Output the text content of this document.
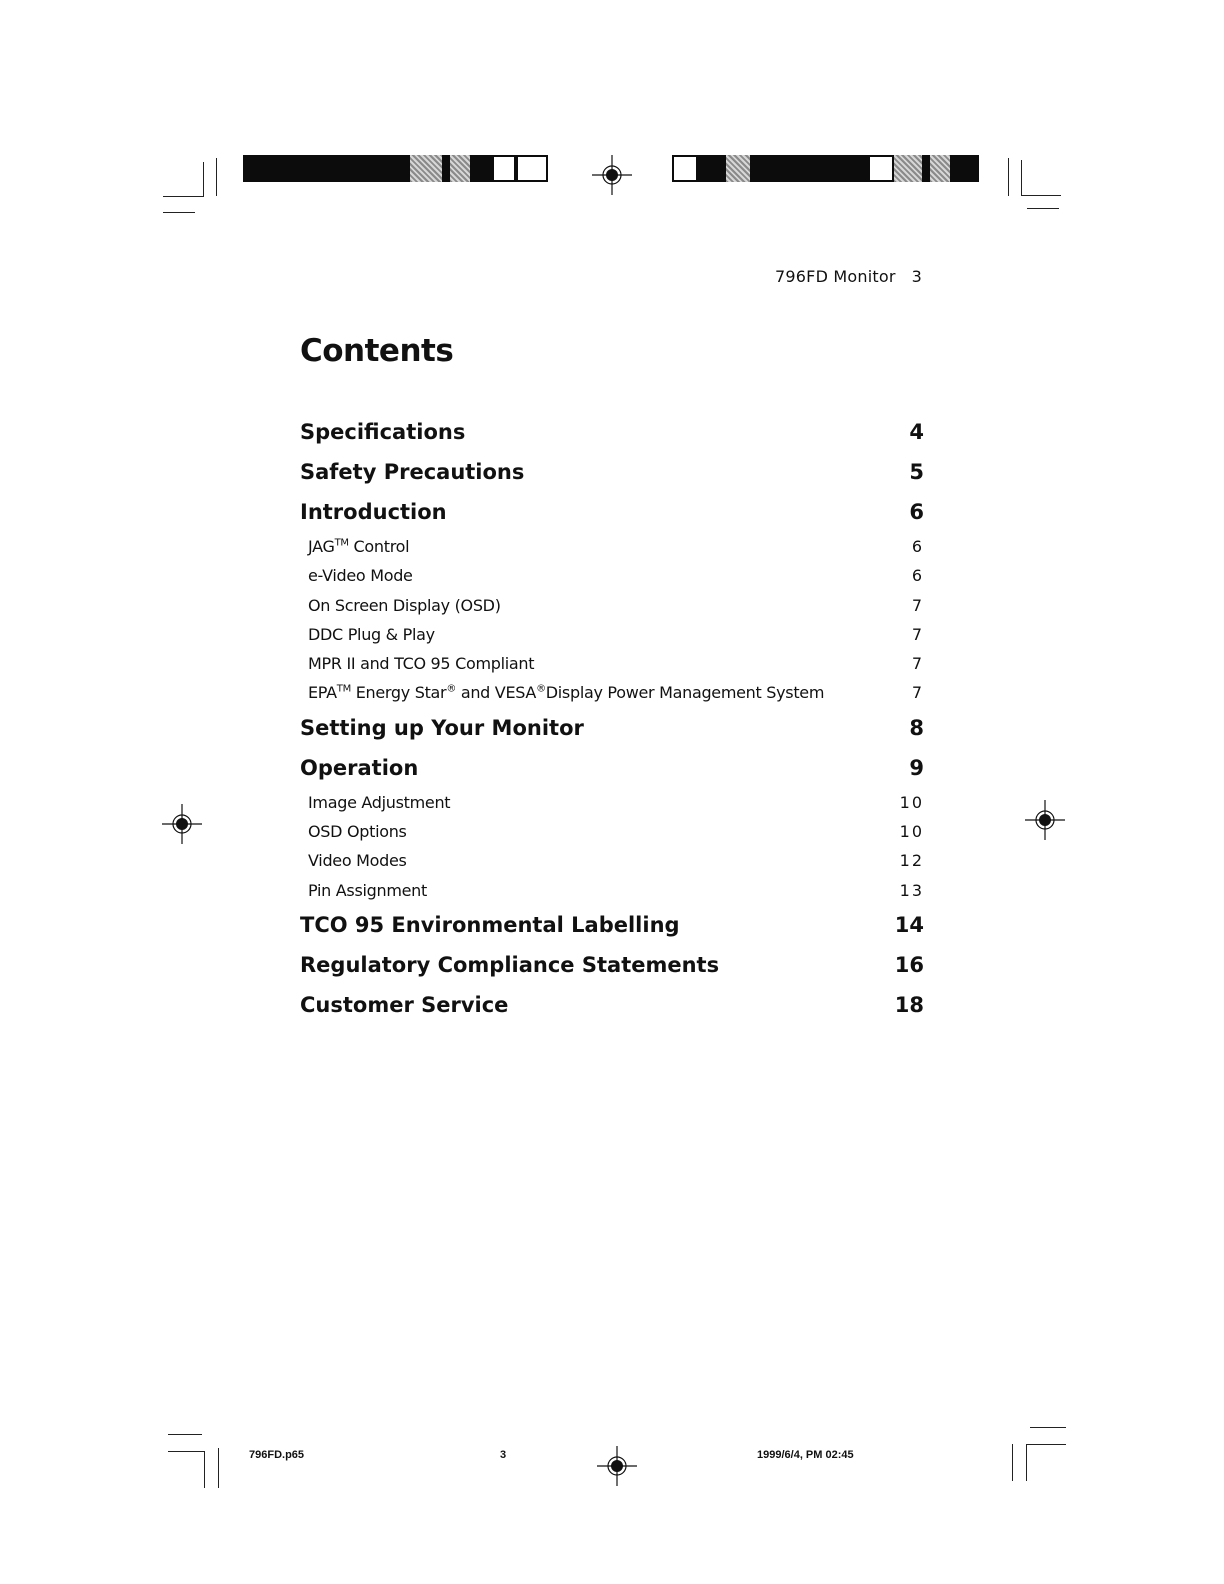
796FD Monitor 3
Contents
Specifications	4
Safety Precautions	5
Introduction	6
JAG™ Control	6
e-Video Mode	6
On Screen Display (OSD)	7
DDC Plug & Play	7
MPR II and TCO 95 Compliant	7
EPA™ Energy Star® and VESA®Display Power Management System	7
Setting up Your Monitor	8
Operation	9
Image Adjustment	10
OSD Options	10
Video Modes	12
Pin Assignment	13
TCO 95 Environmental Labelling	14
Regulatory Compliance Statements	16
Customer Service	18
796FD.p65	3	1999/6/4, PM 02:45
